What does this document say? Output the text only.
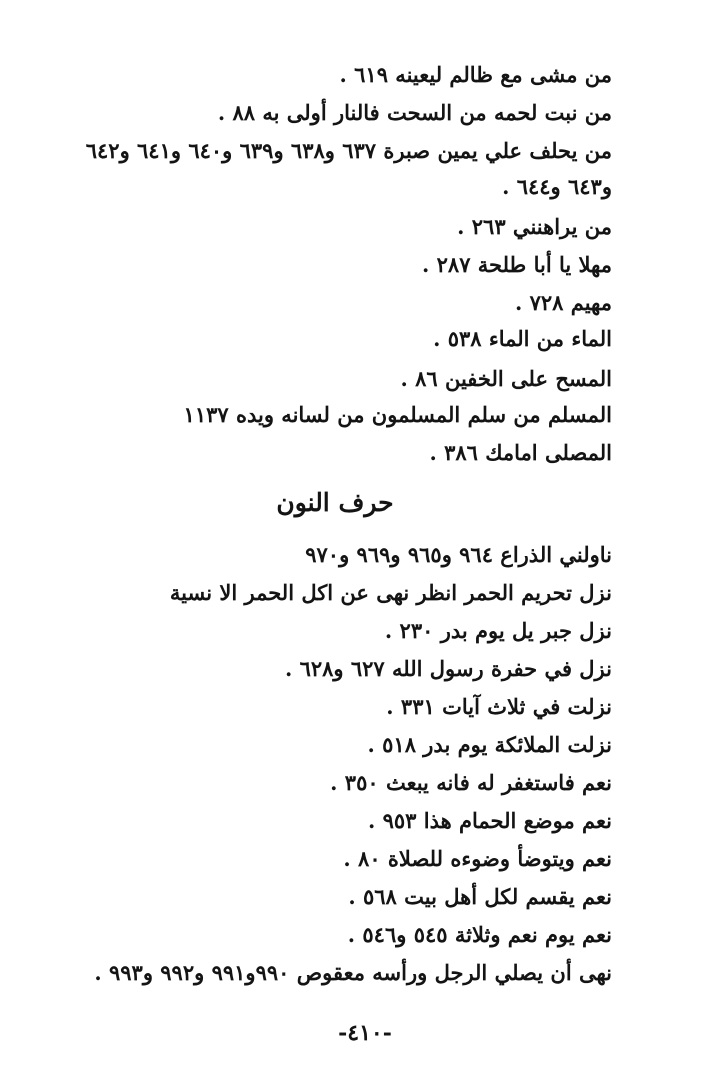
من مشى مع ظالم ليعينه ٦١٩ .

من نبت لحمه من السحت فالنار أولى به ٨٨ .

من يحلف علي يمين صبرة ٦٣٧ و٦٣٨ و٦٣٩ و٦٤٠ و٦٤١ و٦٤٢

و٦٤٣ و٦٤٤ .

من يراهنني ٢٦٣ .

مهلا يا أبا طلحة ٢٨٧ .

مهيم ٧٢٨ .

الماء من الماء ٥٣٨ .

المسح على الخفين ٨٦ .

المسلم من سلم المسلمون من لسانه ويده ١١٣٧

المصلى امامك ٣٨٦ .

حرف النون

ناولني الذراع ٩٦٤ و٩٦٥ و٩٦٩ و٩٧٠

نزل تحريم الحمر انظر نهى عن اكل الحمر الا نسية

نزل جبر يل يوم بدر ٢٣٠ .

نزل في حفرة رسول الله ٦٢٧ و٦٢٨ .

نزلت في ثلاث آيات ٣٣١ .

نزلت الملائكة يوم بدر ٥١٨ .

نعم فاستغفر له فانه يبعث ٣٥٠ .

نعم موضع الحمام هذا ٩٥٣ .

نعم ويتوضأ وضوءه للصلاة ٨٠ .

نعم يقسم لكل أهل بيت ٥٦٨ .

نعم يوم نعم وثلاثة ٥٤٥ و٥٤٦ .

نهى أن يصلي الرجل ورأسه معقوص ٩٩٠و٩٩١ و٩٩٢ و٩٩٣ .

-٤١٠-
